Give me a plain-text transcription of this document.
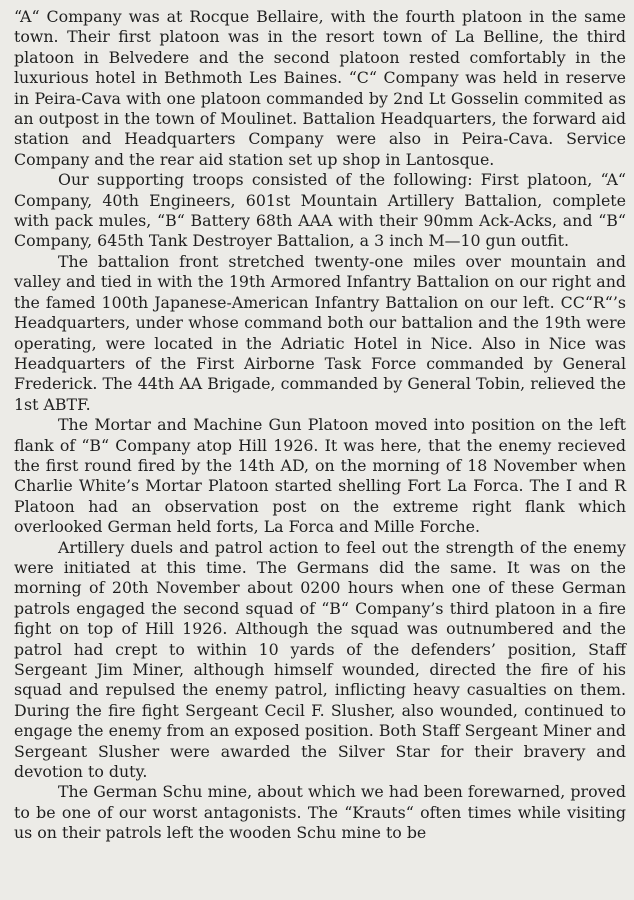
“A“ Company was at Rocque Bellaire, with the fourth platoon in the same town. Their first platoon was in the resort town of La Belline, the third platoon in Belvedere and the second platoon rested comfortably in the luxurious hotel in Bethmoth Les Baines. “C“ Company was held in reserve in Peira-Cava with one platoon commanded by 2nd Lt Gosselin commited as an outpost in the town of Moulinet. Battalion Headquarters, the forward aid station and Headquarters Company were also in Peira-Cava. Service Company and the rear aid station set up shop in Lantosque.

Our supporting troops consisted of the following: First platoon, “A“ Company, 40th Engineers, 601st Mountain Artillery Battalion, complete with pack mules, “B“ Battery 68th AAA with their 90mm Ack-Acks, and “B“ Company, 645th Tank Destroyer Battalion, a 3 inch M—10 gun outfit.

The battalion front stretched twenty-one miles over mountain and valley and tied in with the 19th Armored Infantry Battalion on our right and the famed 100th Japanese-American Infantry Battalion on our left. CC“R“’s Headquarters, under whose command both our battalion and the 19th were operating, were located in the Adriatic Hotel in Nice. Also in Nice was Headquarters of the First Airborne Task Force commanded by General Frederick. The 44th AA Brigade, commanded by General Tobin, relieved the 1st ABTF.

The Mortar and Machine Gun Platoon moved into position on the left flank of “B“ Company atop Hill 1926. It was here, that the enemy recieved the first round fired by the 14th AD, on the morning of 18 November when Charlie White’s Mortar Platoon started shelling Fort La Forca. The I and R Platoon had an observation post on the extreme right flank which overlooked German held forts, La Forca and Mille Forche.

Artillery duels and patrol action to feel out the strength of the enemy were initiated at this time. The Germans did the same. It was on the morning of 20th November about 0200 hours when one of these German patrols engaged the second squad of “B“ Company’s third platoon in a fire fight on top of Hill 1926. Although the squad was outnumbered and the patrol had crept to within 10 yards of the defenders’ position, Staff Sergeant Jim Miner, although himself wounded, directed the fire of his squad and repulsed the enemy patrol, inflicting heavy casualties on them. During the fire fight Sergeant Cecil F. Slusher, also wounded, continued to engage the enemy from an exposed position. Both Staff Sergeant Miner and Sergeant Slusher were awarded the Silver Star for their bravery and devotion to duty.

The German Schu mine, about which we had been forewarned, proved to be one of our worst antagonists. The “Krauts“ often times while visiting us on their patrols left the wooden Schu mine to be
